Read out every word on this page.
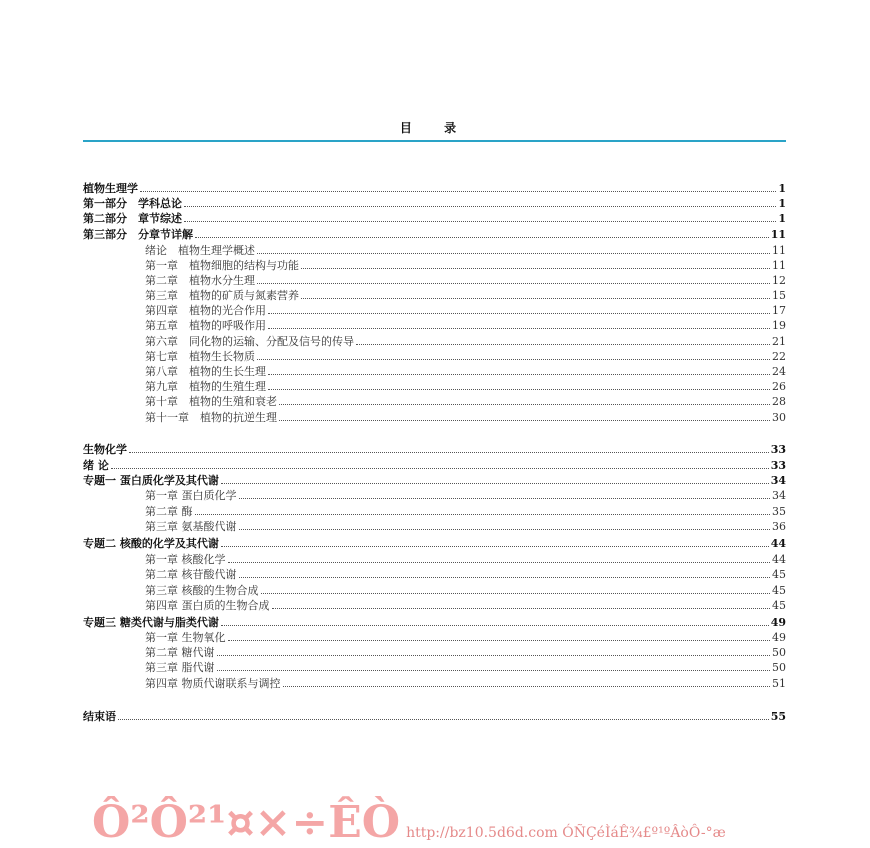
目 录
植物生理学	1
第一部分　学科总论	1
第二部分　章节综述	1
第三部分　分章节详解	11
绪论　植物生理学概述	11
第一章　植物细胞的结构与功能	11
第二章　植物水分生理	12
第三章　植物的矿质与氮素营养	15
第四章　植物的光合作用	17
第五章　植物的呼吸作用	19
第六章　同化物的运输、分配及信号的传导	21
第七章　植物生长物质	22
第八章　植物的生长生理	24
第九章　植物的生殖生理	26
第十章　植物的生殖和衰老	28
第十一章　植物的抗逆生理	30
生物化学	33
绪 论	33
专题一 蛋白质化学及其代谢	34
第一章 蛋白质化学	34
第二章 酶	35
第三章 氨基酸代谢	36
专题二 核酸的化学及其代谢	44
第一章 核酸化学	44
第二章 核苷酸代谢	45
第三章 核酸的生物合成	45
第四章 蛋白质的生物合成	45
专题三 糖类代谢与脂类代谢	49
第一章 生物氧化	49
第二章 糖代谢	50
第三章 脂代谢	50
第四章 物质代谢联系与调控	51
结束语	55
Ô²Ô²¹¤×÷ÊÒ http://bz10.5d6d.com ÓÑÇéÌáÊ¾£º¹ºÂòÔ-°æ
